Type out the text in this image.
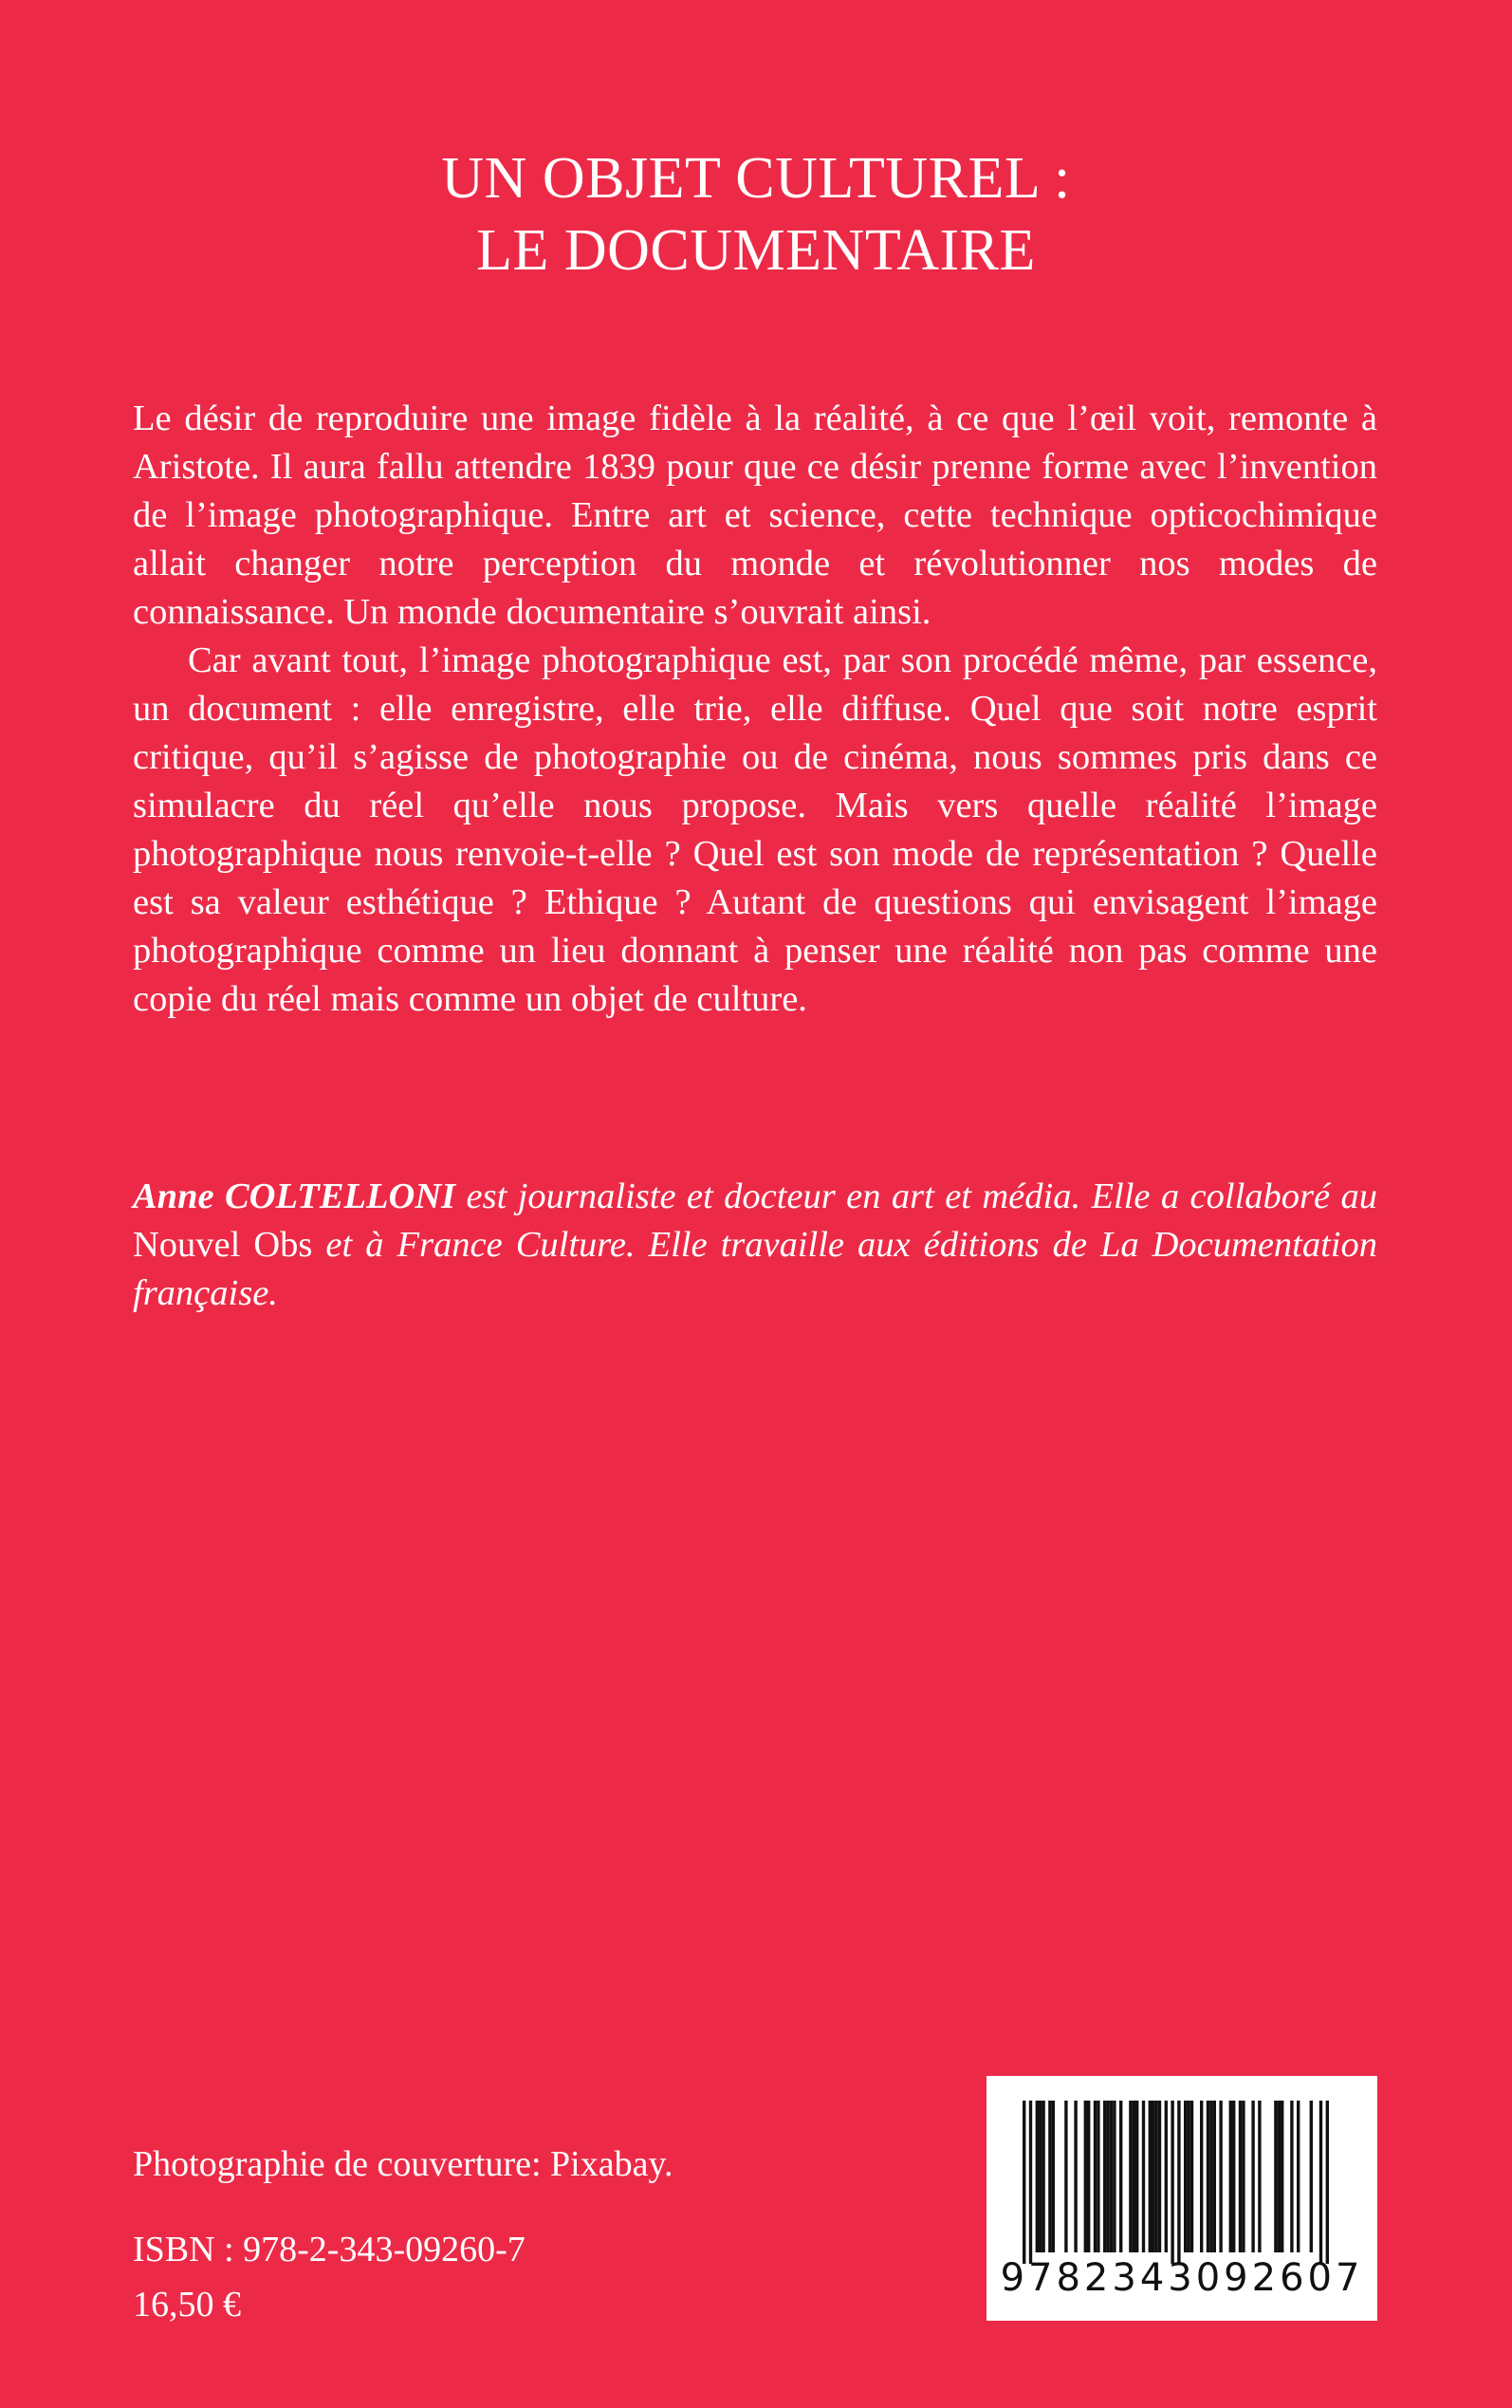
UN OBJET CULTUREL :
LE DOCUMENTAIRE

Le désir de reproduire une image fidèle à la réalité, à ce que l’œil voit, remonte à Aristote. Il aura fallu attendre 1839 pour que ce désir prenne forme avec l’invention de l’image photographique. Entre art et science, cette technique opticochimique allait changer notre perception du monde et révolutionner nos modes de connaissance. Un monde documentaire s’ouvrait ainsi.

Car avant tout, l’image photographique est, par son procédé même, par essence, un document : elle enregistre, elle trie, elle diffuse. Quel que soit notre esprit critique, qu’il s’agisse de photographie ou de cinéma, nous sommes pris dans ce simulacre du réel qu’elle nous propose. Mais vers quelle réalité l’image photographique nous renvoie-t-elle ? Quel est son mode de représentation ? Quelle est sa valeur esthétique ? Ethique ? Autant de questions qui envisagent l’image photographique comme un lieu donnant à penser une réalité non pas comme une copie du réel mais comme un objet de culture.

Anne COLTELLONI est journaliste et docteur en art et média. Elle a collaboré au Nouvel Obs et à France Culture. Elle travaille aux éditions de La Documentation française.

Photographie de couverture: Pixabay.
ISBN : 978-2-343-09260-7
16,50 €
9782343092607
